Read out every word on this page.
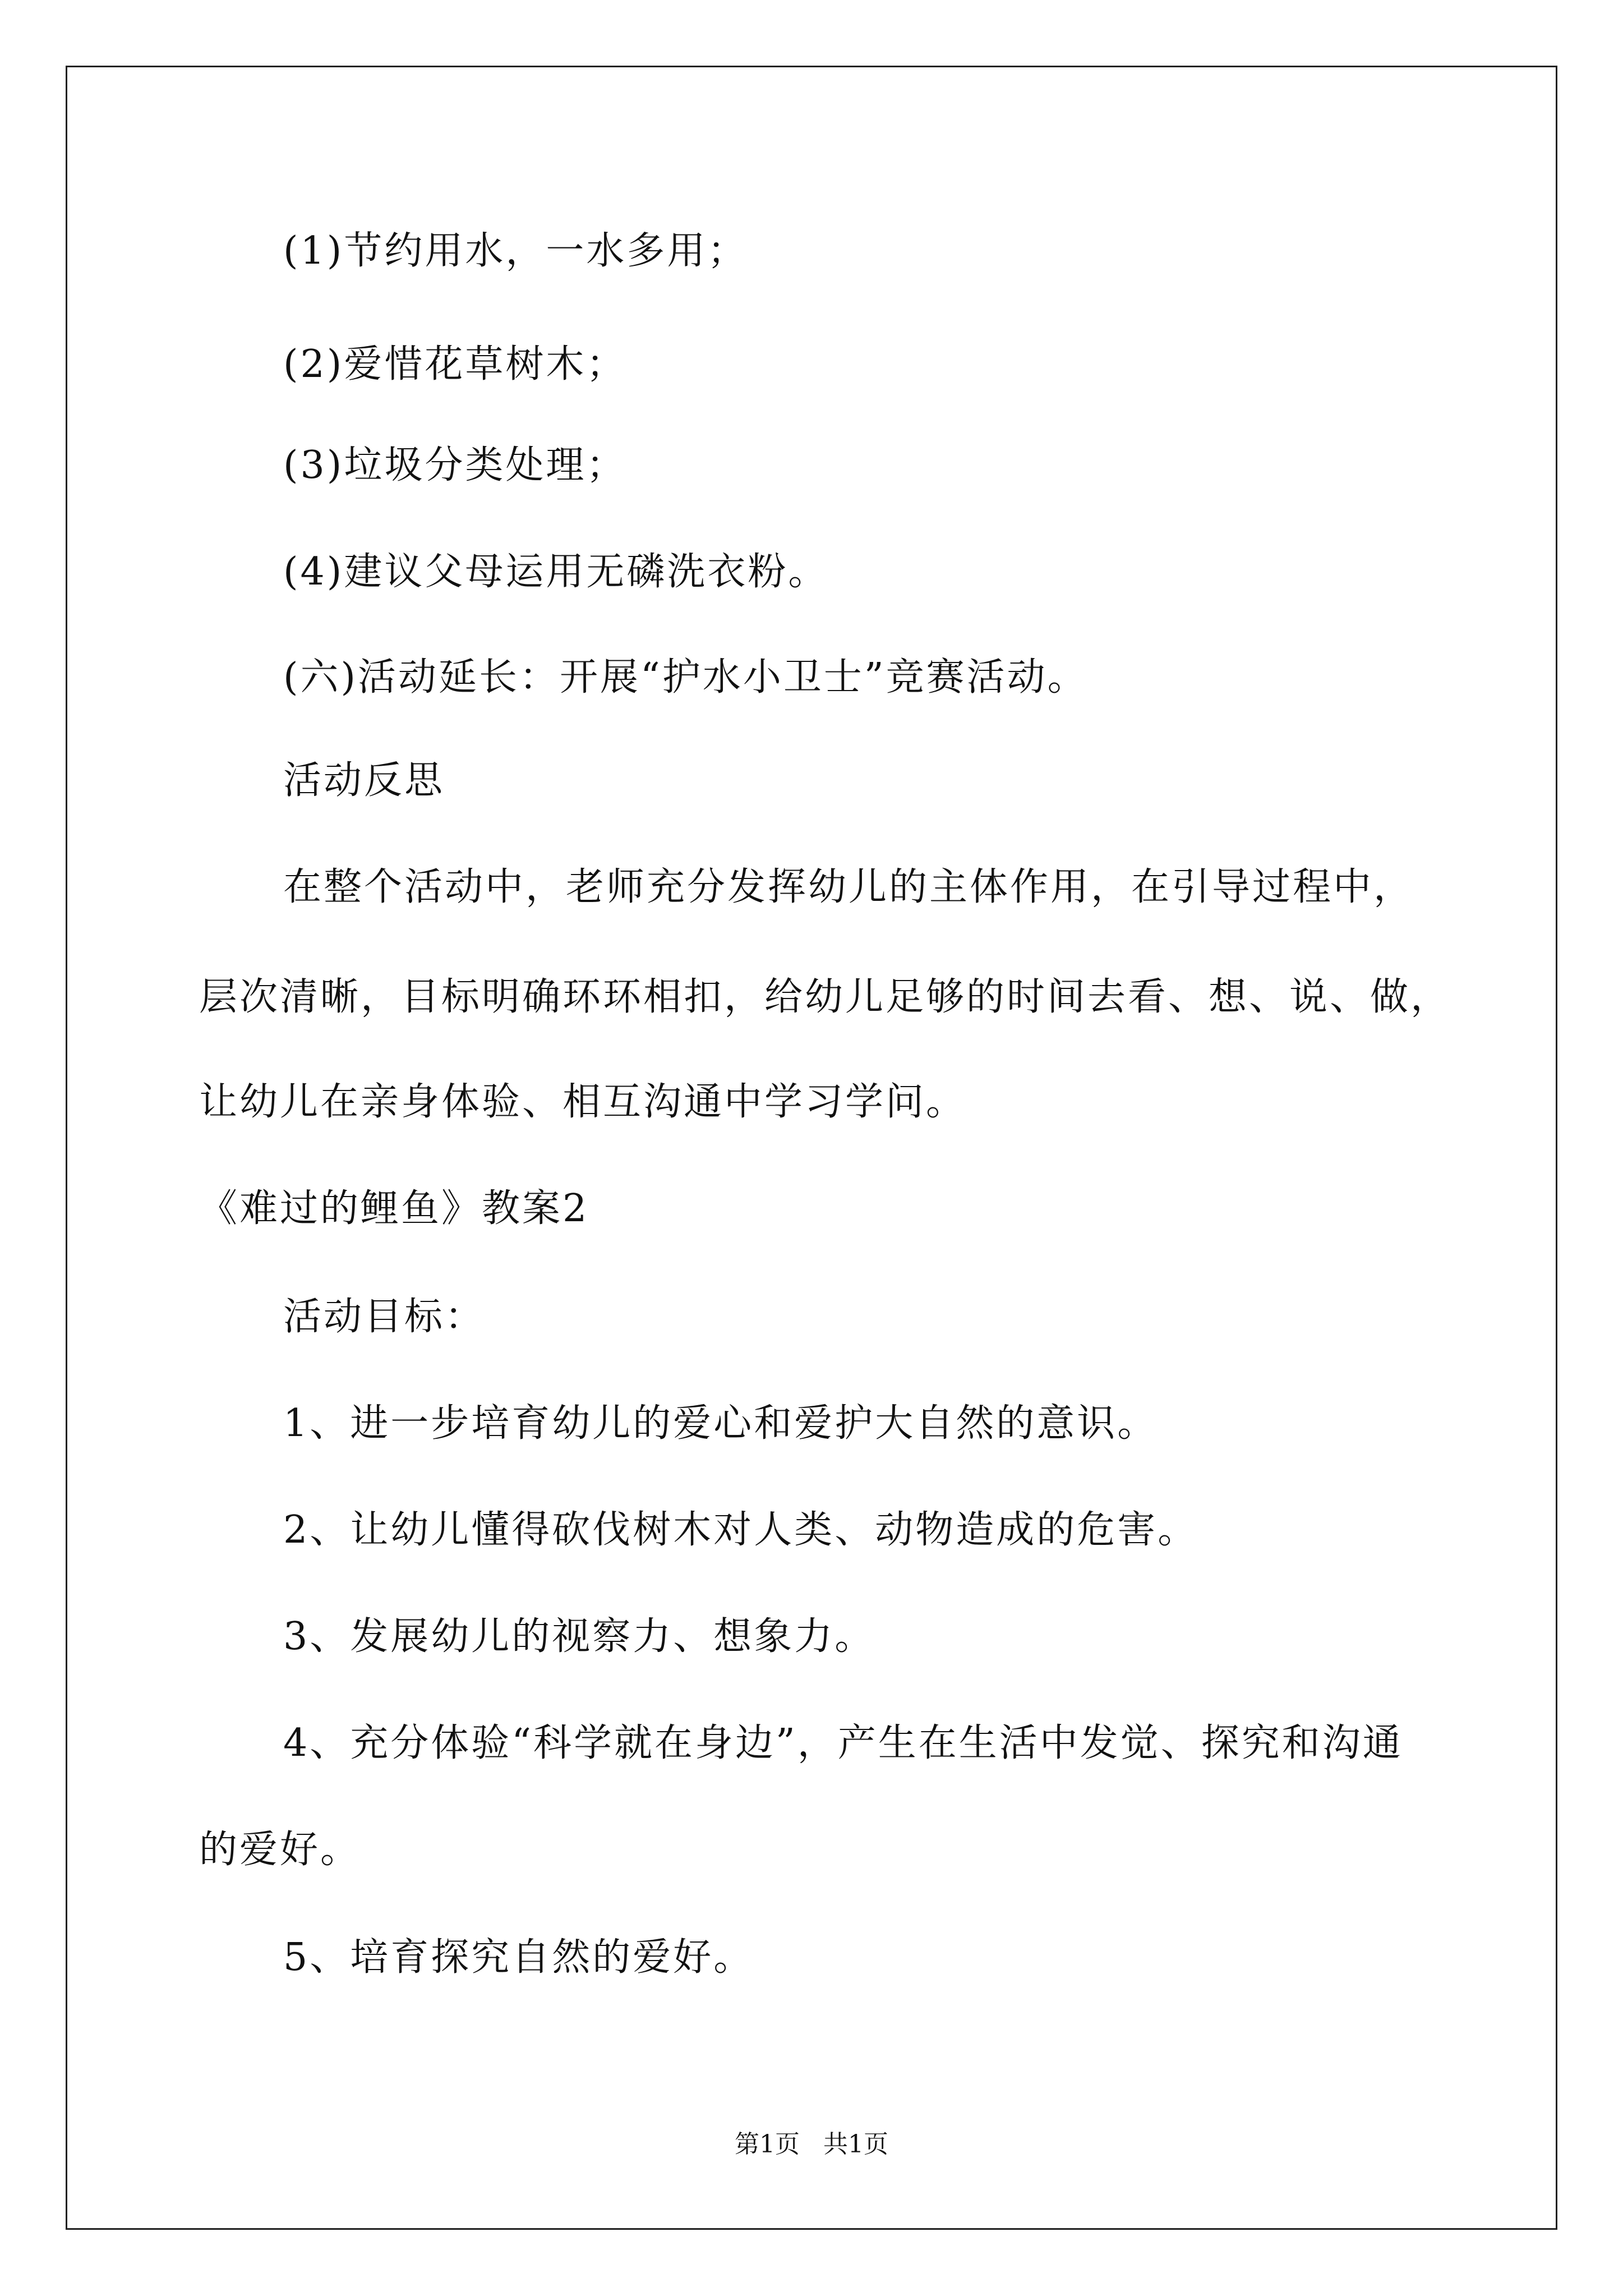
(1)节约用水，一水多用；
(2)爱惜花草树木；
(3)垃圾分类处理；
(4)建议父母运用无磷洗衣粉。
(六)活动延长：开展“护水小卫士”竞赛活动。
活动反思
在整个活动中，老师充分发挥幼儿的主体作用，在引导过程中，
层次清晰，目标明确环环相扣，给幼儿足够的时间去看、想、说、做，
让幼儿在亲身体验、相互沟通中学习学问。
《难过的鲤鱼》教案2
活动目标：
1、进一步培育幼儿的爱心和爱护大自然的意识。
2、让幼儿懂得砍伐树木对人类、动物造成的危害。
3、发展幼儿的视察力、想象力。
4、充分体验“科学就在身边”，产生在生活中发觉、探究和沟通
的爱好。
5、培育探究自然的爱好。
第1页   共1页
